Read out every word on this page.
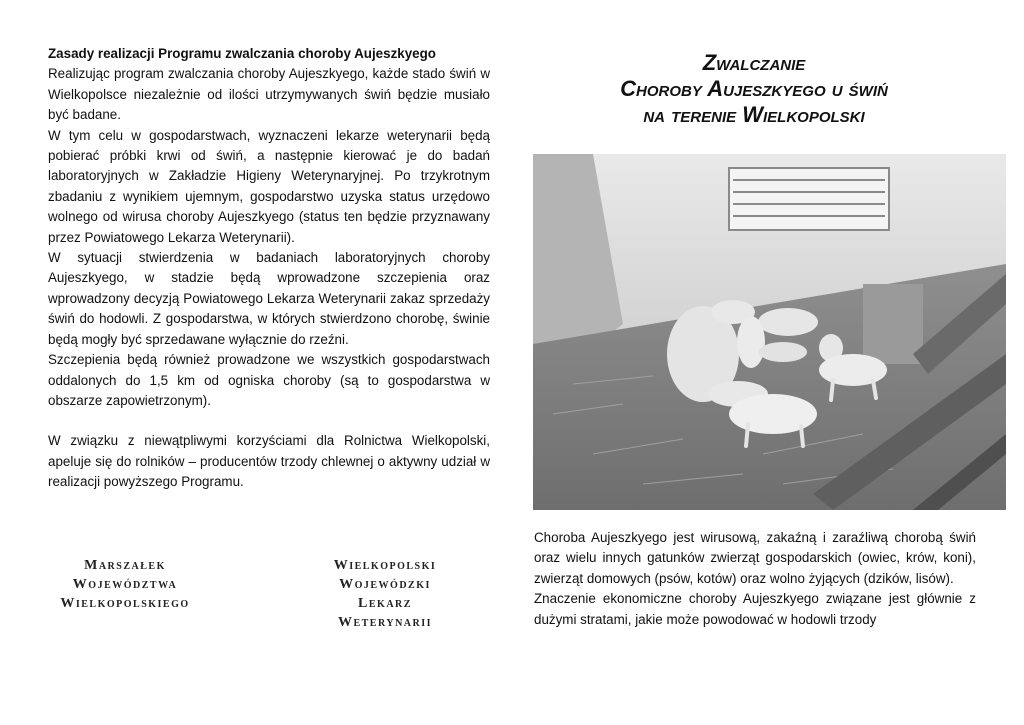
Zasady realizacji Programu zwalczania choroby Aujeszkyego

Realizując program zwalczania choroby Aujeszkyego, każde stado świń w Wielkopolsce niezależnie od ilości utrzymywanych świń będzie musiało być badane.

W tym celu w gospodarstwach, wyznaczeni lekarze weterynarii będą pobierać próbki krwi od świń, a następnie kierować je do badań laboratoryjnych w Zakładzie Higieny Weterynaryjnej. Po trzykrotnym zbadaniu z wynikiem ujemnym, gospodarstwo uzyska status urzędowo wolnego od wirusa choroby Aujeszkyego (status ten będzie przyznawany przez Powiatowego Lekarza Weterynarii).

W sytuacji stwierdzenia w badaniach laboratoryjnych choroby Aujeszkyego, w stadzie będą wprowadzone szczepienia oraz wprowadzony decyzją Powiatowego Lekarza Weterynarii zakaz sprzedaży świń do hodowli. Z gospodarstwa, w których stwierdzono chorobę, świnie będą mogły być sprzedawane wyłącznie do rzeźni.

Szczepienia będą również prowadzone we wszystkich gospodarstwach oddalonych do 1,5 km od ogniska choroby (są to gospodarstwa w obszarze zapowietrzonym).

W związku z niewątpliwymi korzyściami dla Rolnictwa Wielkopolski, apeluje się do rolników – producentów trzody chlewnej o aktywny udział w realizacji powyższego Programu.

Marszałek
Województwa
Wielkopolskiego
Wielkopolski
Wojewódzki
Lekarz
Weterynarii
Zwalczanie
Choroby Aujeszkyego u świń
na terenie Wielkopolski

Choroba Aujeszkyego jest wirusową, zakaźną i zaraźliwą chorobą świń oraz wielu innych gatunków zwierząt gospodarskich (owiec, krów, koni), zwierząt domowych (psów, kotów) oraz wolno żyjących (dzików, lisów).

Znaczenie ekonomiczne choroby Aujeszkyego związane jest głównie z dużymi stratami, jakie może powodować w hodowli trzody
